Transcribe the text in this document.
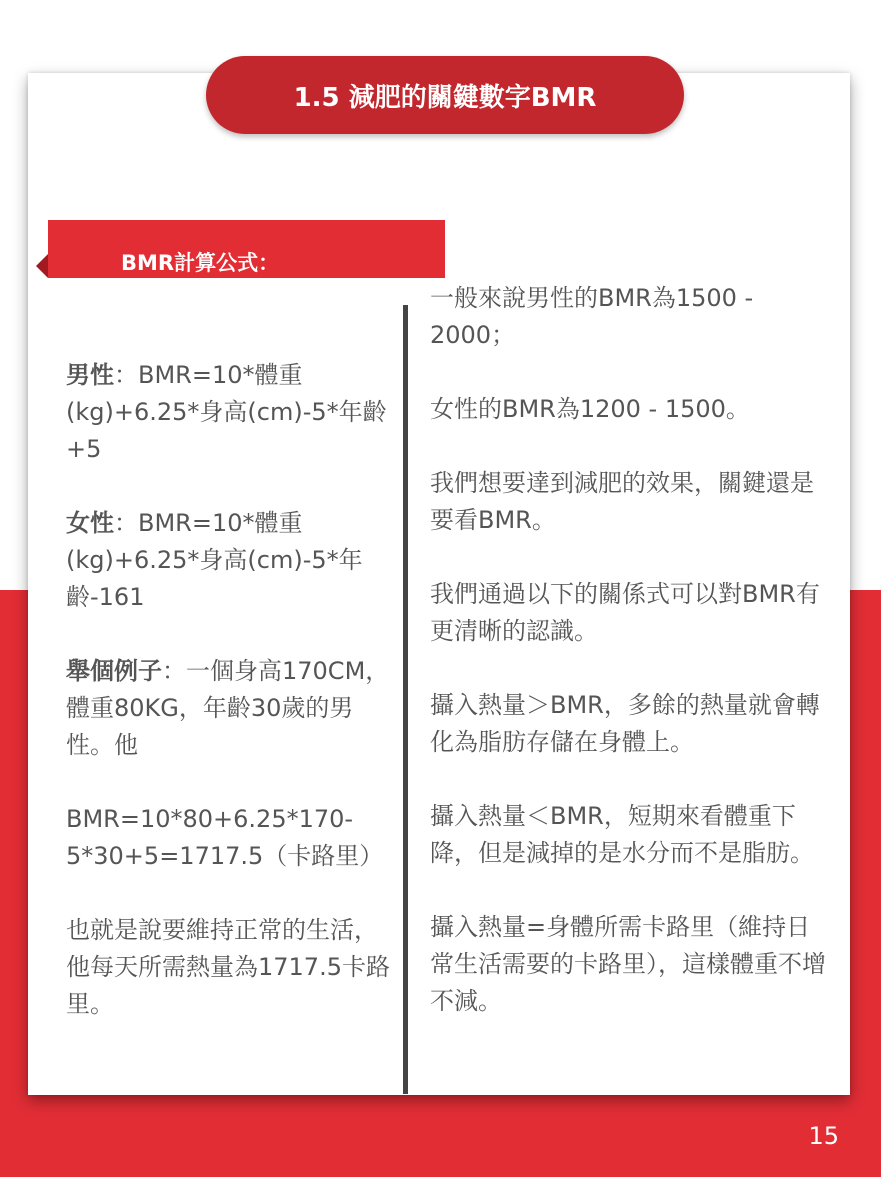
1.5 減肥的關鍵數字BMR
BMR計算公式：

男性：BMR=10*體重(kg)+6.25*身高(cm)-5*年齡+5

女性：BMR=10*體重(kg)+6.25*身高(cm)-5*年齡-161

舉個例子：一個身高170CM，體重80KG，年齡30歲的男性。他

BMR=10*80+6.25*170-5*30+5=1717.5（卡路里）

也就是說要維持正常的生活，他每天所需熱量為1717.5卡路里。

一般來說男性的BMR為1500 - 2000；

女性的BMR為1200 - 1500。

我們想要達到減肥的效果，關鍵還是要看BMR。

我們通過以下的關係式可以對BMR有更清晰的認識。

攝入熱量＞BMR，多餘的熱量就會轉化為脂肪存儲在身體上。

攝入熱量＜BMR，短期來看體重下降，但是減掉的是水分而不是脂肪。

攝入熱量=身體所需卡路里（維持日常生活需要的卡路里），這樣體重不增不減。

15
